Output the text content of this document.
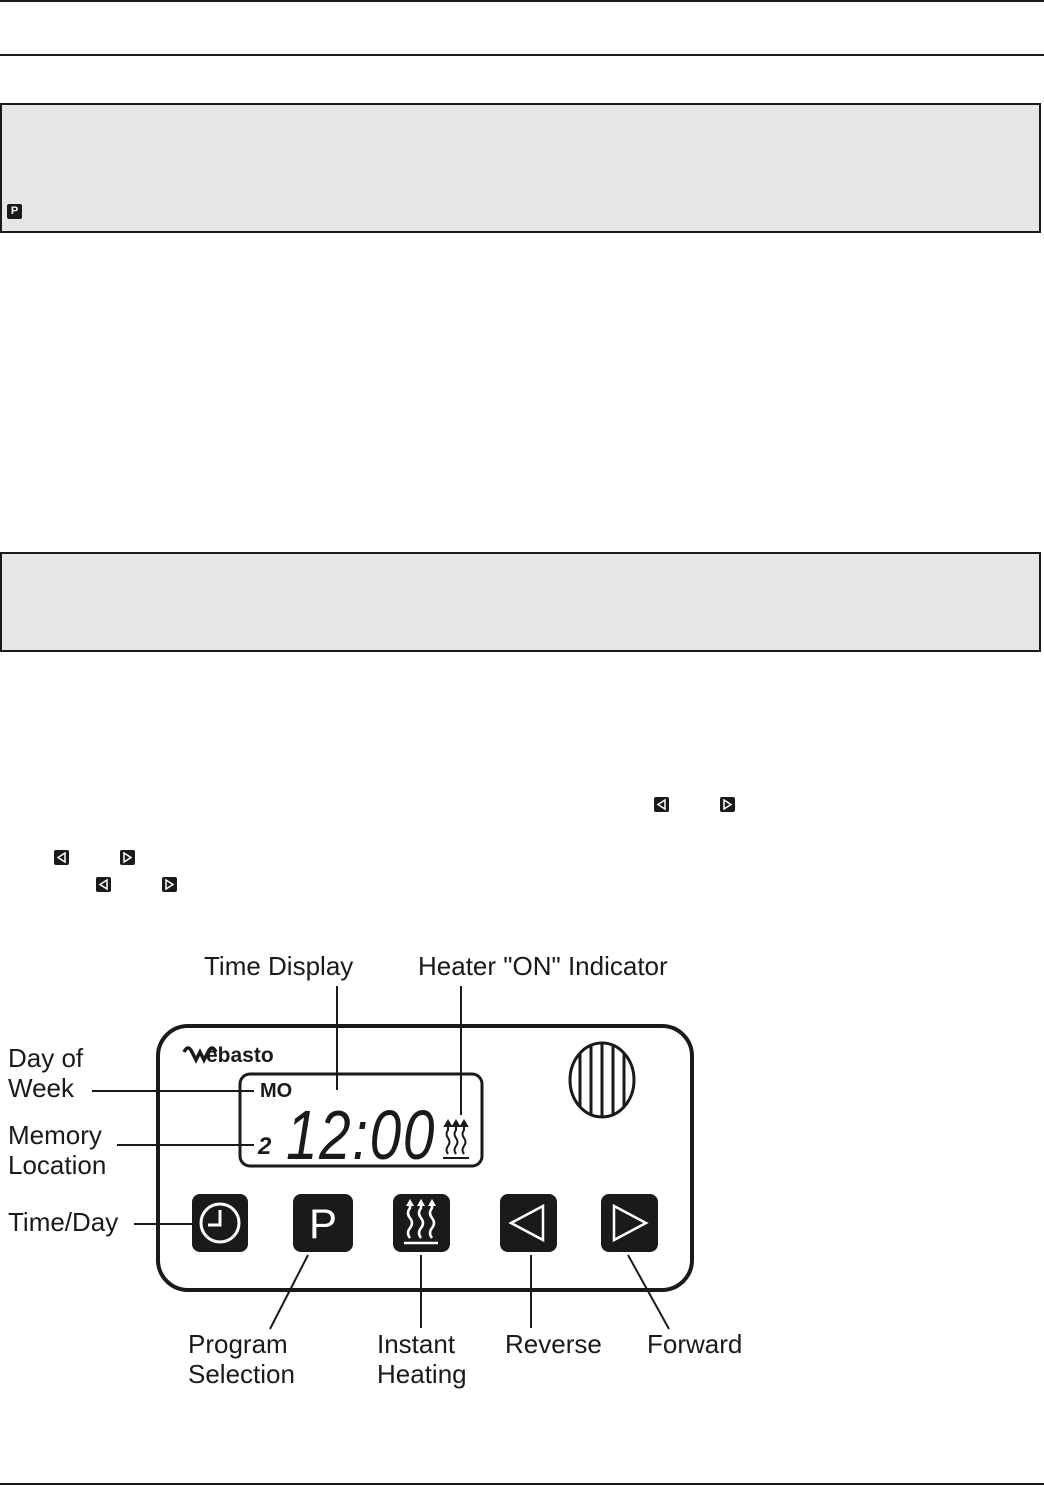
P
Time Display Heater "ON" Indicator
Day of
Week
Memory
Location
Time/Day
Program
Selection
Instant
Heating
Reverse Forward
ebasto
MO
2 12:00
P
